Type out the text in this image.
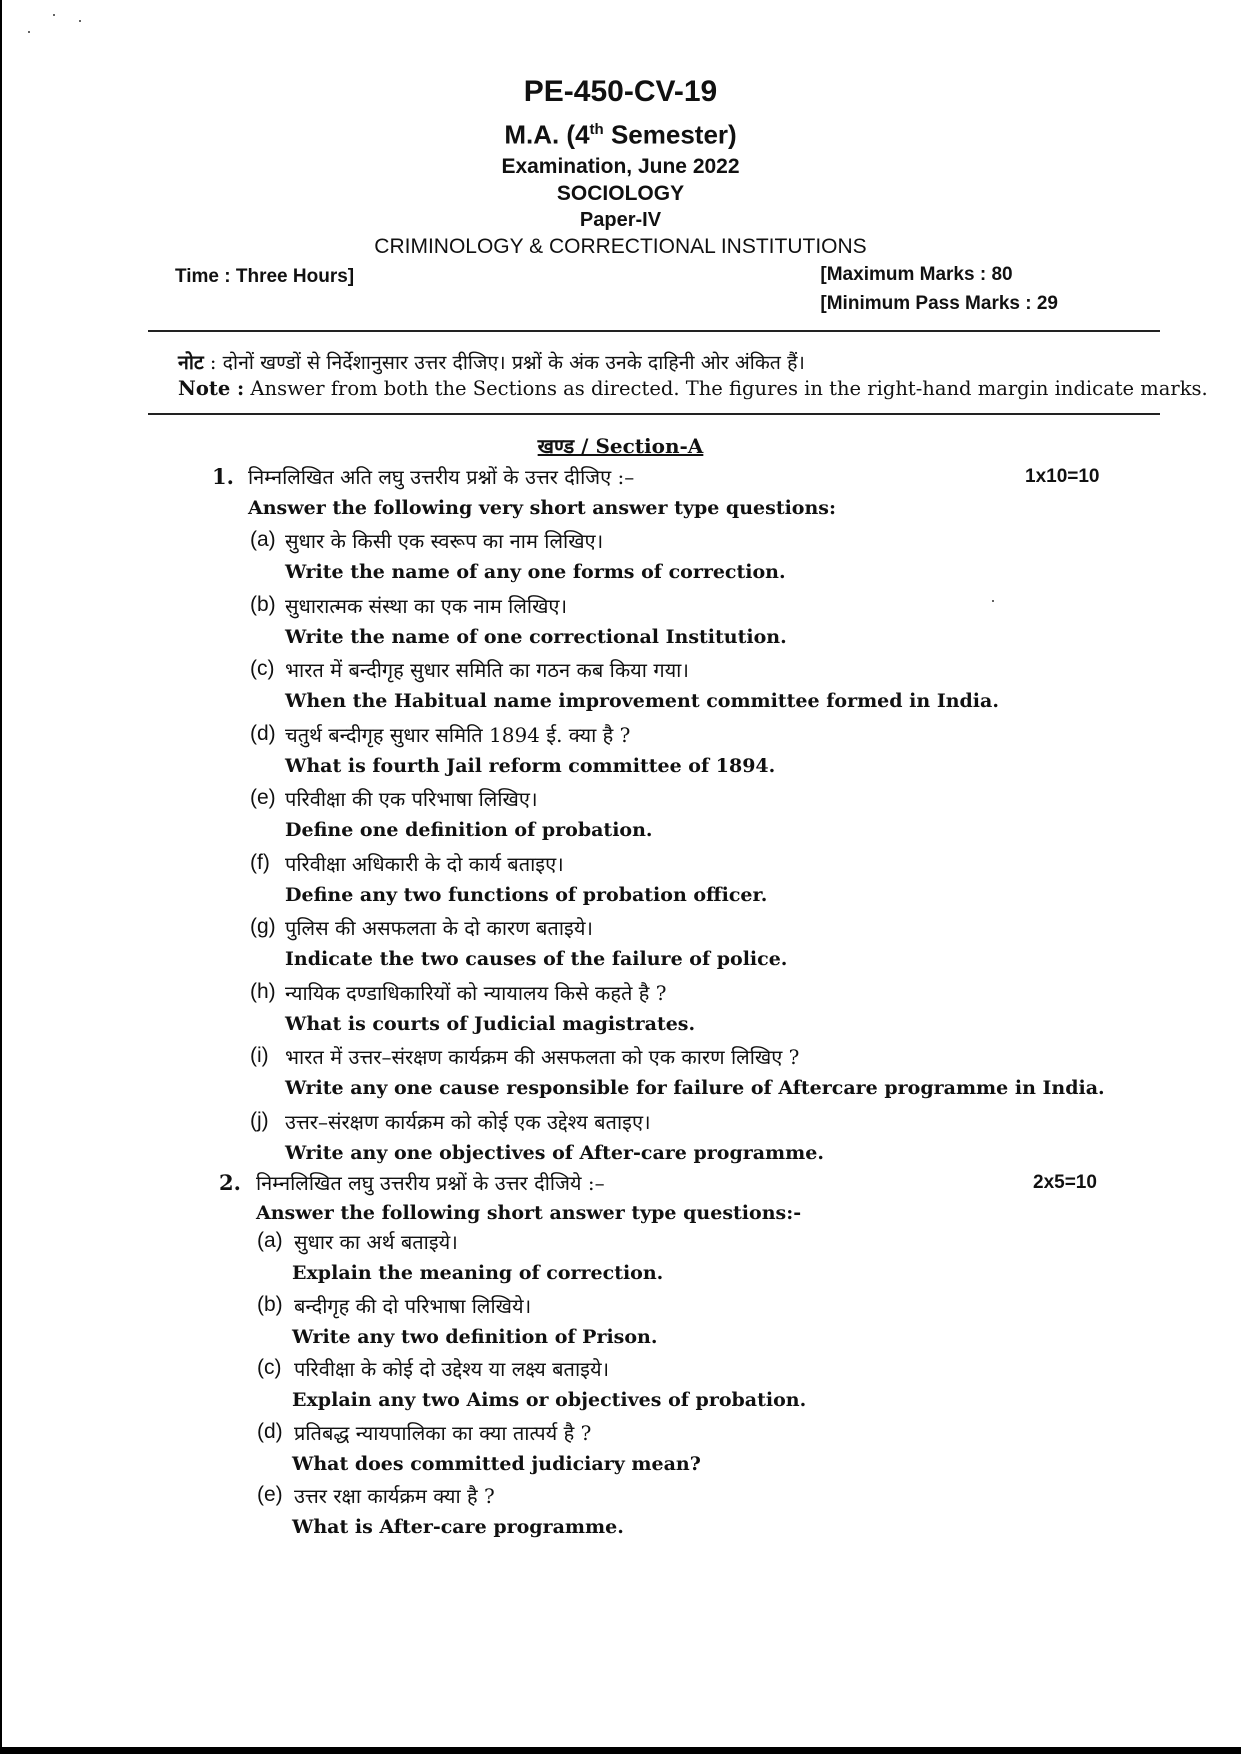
PE-450-CV-19
M.A. (4th Semester)
Examination, June 2022
SOCIOLOGY
Paper-IV
CRIMINOLOGY & CORRECTIONAL INSTITUTIONS
Time : Three Hours]	[Maximum Marks : 80
[Minimum Pass Marks : 29
नोट : दोनों खण्डों से निर्देशानुसार उत्तर दीजिए। प्रश्नों के अंक उनके दाहिनी ओर अंकित हैं।
Note : Answer from both the Sections as directed. The figures in the right-hand margin indicate marks.
खण्ड / Section-A
1. निम्नलिखित अति लघु उत्तरीय प्रश्नों के उत्तर दीजिए :–	1x10=10
Answer the following very short answer type questions:
(a) सुधार के किसी एक स्वरूप का नाम लिखिए।
Write the name of any one forms of correction.
(b) सुधारात्मक संस्था का एक नाम लिखिए।
Write the name of one correctional Institution.
(c) भारत में बन्दीगृह सुधार समिति का गठन कब किया गया।
When the Habitual name improvement committee formed in India.
(d) चतुर्थ बन्दीगृह सुधार समिति 1894 ई. क्या है ?
What is fourth Jail reform committee of 1894.
(e) परिवीक्षा की एक परिभाषा लिखिए।
Define one definition of probation.
(f) परिवीक्षा अधिकारी के दो कार्य बताइए।
Define any two functions of probation officer.
(g) पुलिस की असफलता के दो कारण बताइये।
Indicate the two causes of the failure of police.
(h) न्यायिक दण्डाधिकारियों को न्यायालय किसे कहते है ?
What is courts of Judicial magistrates.
(i) भारत में उत्तर–संरक्षण कार्यक्रम की असफलता को एक कारण लिखिए ?
Write any one cause responsible for failure of Aftercare programme in India.
(j) उत्तर–संरक्षण कार्यक्रम को कोई एक उद्देश्य बताइए।
Write any one objectives of After-care programme.
2. निम्नलिखित लघु उत्तरीय प्रश्नों के उत्तर दीजिये :–	2x5=10
Answer the following short answer type questions:-
(a) सुधार का अर्थ बताइये।
Explain the meaning of correction.
(b) बन्दीगृह की दो परिभाषा लिखिये।
Write any two definition of Prison.
(c) परिवीक्षा के कोई दो उद्देश्य या लक्ष्य बताइये।
Explain any two Aims or objectives of probation.
(d) प्रतिबद्ध न्यायपालिका का क्या तात्पर्य है ?
What does committed judiciary mean?
(e) उत्तर रक्षा कार्यक्रम क्या है ?
What is After-care programme.
